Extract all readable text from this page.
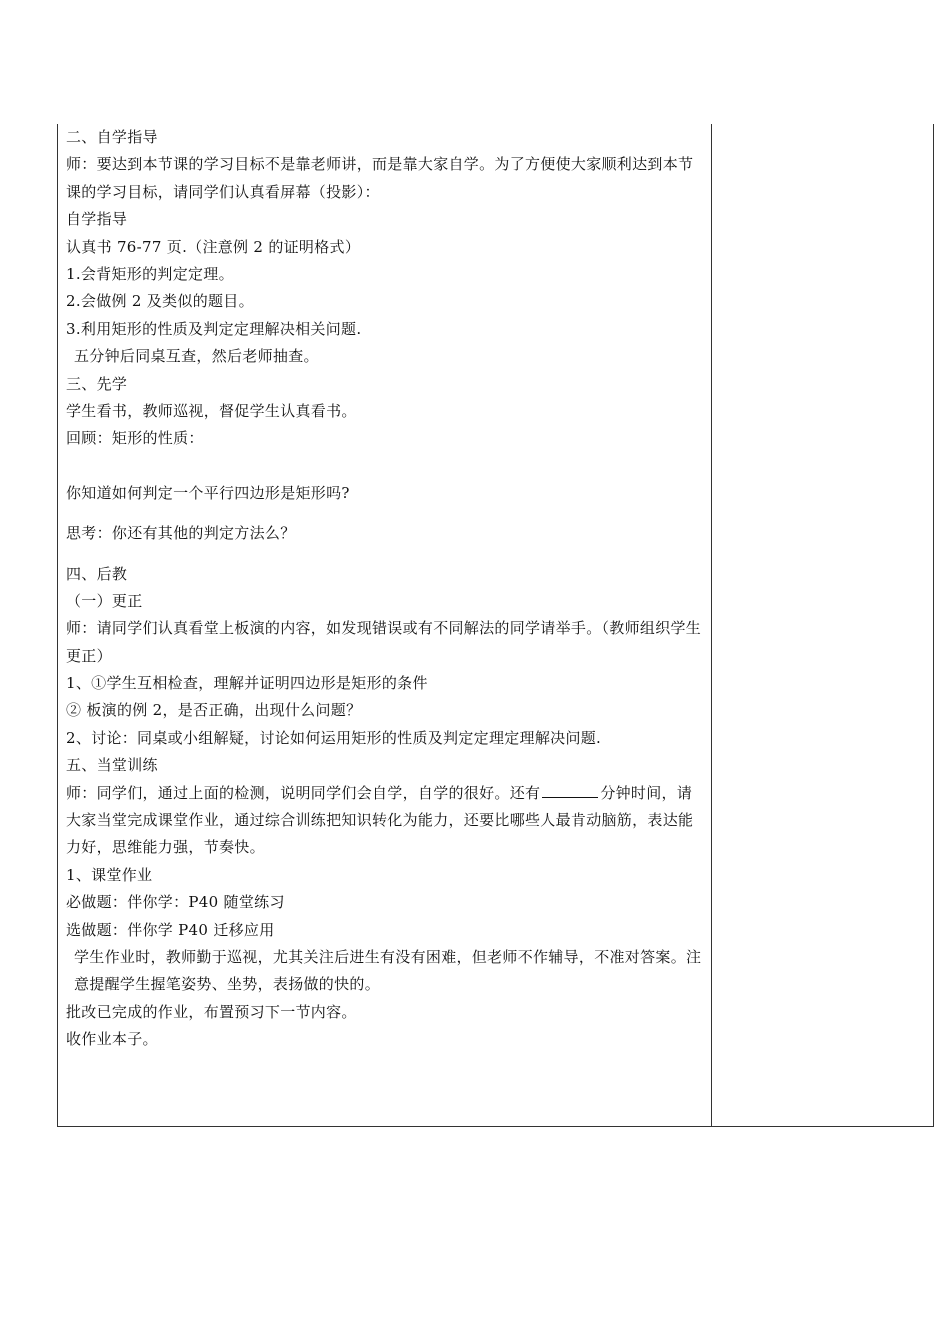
二、自学指导
师：要达到本节课的学习目标不是靠老师讲，而是靠大家自学。为了方便使大家顺利达到本节课的学习目标，请同学们认真看屏幕（投影）：
自学指导
认真书 76-77 页.（注意例 2 的证明格式）
1.会背矩形的判定定理。
2.会做例 2 及类似的题目。
3.利用矩形的性质及判定定理解决相关问题.
五分钟后同桌互查，然后老师抽查。
三、先学
学生看书，教师巡视，督促学生认真看书。
回顾：矩形的性质：
你知道如何判定一个平行四边形是矩形吗?
思考：你还有其他的判定方法么？
四、后教
（一）更正
师：请同学们认真看堂上板演的内容，如发现错误或有不同解法的同学请举手。（教师组织学生更正）
1、①学生互相检查，理解并证明四边形是矩形的条件
② 板演的例 2，是否正确，出现什么问题？
2、讨论：同桌或小组解疑，讨论如何运用矩形的性质及判定定理定理解决问题.
五、当堂训练
师：同学们，通过上面的检测，说明同学们会自学，自学的很好。还有	分钟时间，请大家当堂完成课堂作业，通过综合训练把知识转化为能力，还要比哪些人最肯动脑筋，表达能力好，思维能力强，节奏快。
1、课堂作业
必做题：伴你学：P40 随堂练习
选做题：伴你学 P40 迁移应用
学生作业时，教师勤于巡视，尤其关注后进生有没有困难，但老师不作辅导，不准对答案。注意提醒学生握笔姿势、坐势，表扬做的快的。
批改已完成的作业，布置预习下一节内容。
收作业本子。
